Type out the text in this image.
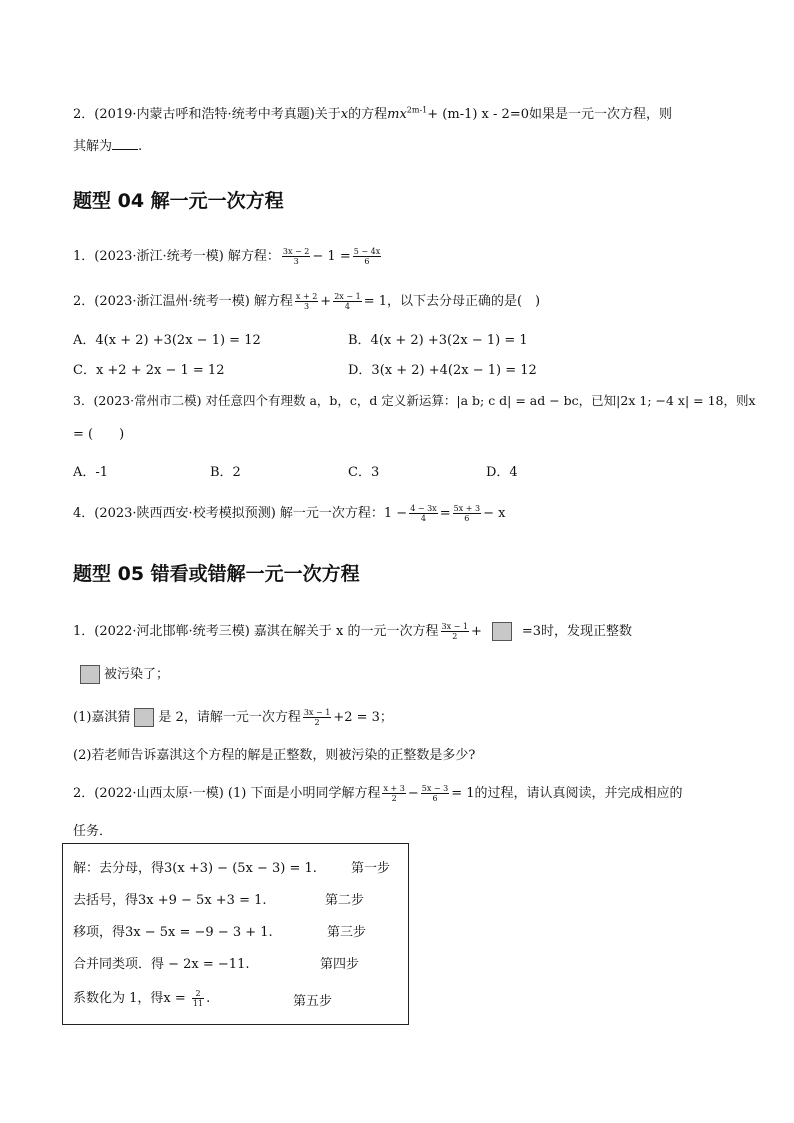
2．(2019·内蒙古呼和浩特·统考中考真题)关于x的方程$mx^{2m-1}+ (m-1)$ x - 2=0如果是一元一次方程，则
其解为 .
题型 04 解一元一次方程
1．(2023·浙江·统考一模) 解方程： $\frac{3x - 2}{3} - 1 = \frac{5 - 4x}{6}$
2．(2023·浙江温州·统考一模) 解方程 $\frac{x + 2}{3} + \frac{2x - 1}{4} = 1$，以下去分母正确的是(　)
A．4(x + 2) +3(2x − 1) = 12	B．4(x + 2) +3(2x − 1) = 1
C．x +2 + 2x − 1 = 12	D．3(x + 2) +4(2x − 1) = 12
3．(2023·常州市二模) 对任意四个有理数 a，b，c，d 定义新运算：|a b; c d| = ad − bc，已知|2x 1; −4 x| = 18，则x
= (　　)
A．-1	B．2	C．3	D．4
4．(2023·陕西西安·校考模拟预测) 解一元一次方程：$1 - \frac{4 - 3x}{4} = \frac{5x + 3}{6} - x$
题型 05 错看或错解一元一次方程
1．(2022·河北邯郸·统考三模) 嘉淇在解关于 x 的一元一次方程 $\frac{3x - 1}{2}$ +	=3时，发现正整数
被污染了；
(1)嘉淇猜 是 2，请解一元一次方程 $\frac{3x - 1}{2} +2 = 3$；
(2)若老师告诉嘉淇这个方程的解是正整数，则被污染的正整数是多少?
2．(2022·山西太原·一模) (1) 下面是小明同学解方程 $\frac{x + 3}{2} - \frac{5x - 3}{6} = 1$的过程，请认真阅读，并完成相应的
任务．
解：去分母，得3(x +3) − (5x − 3) = 1.	第一步
去括号，得3x +9 − 5x +3 = 1.	第二步
移项，得3x − 5x = −9 − 3 + 1.	第三步
合并同类项．得 − 2x = −11.	第四步
系数化为 1，得$x = \frac{2}{11}$ .	第五步
